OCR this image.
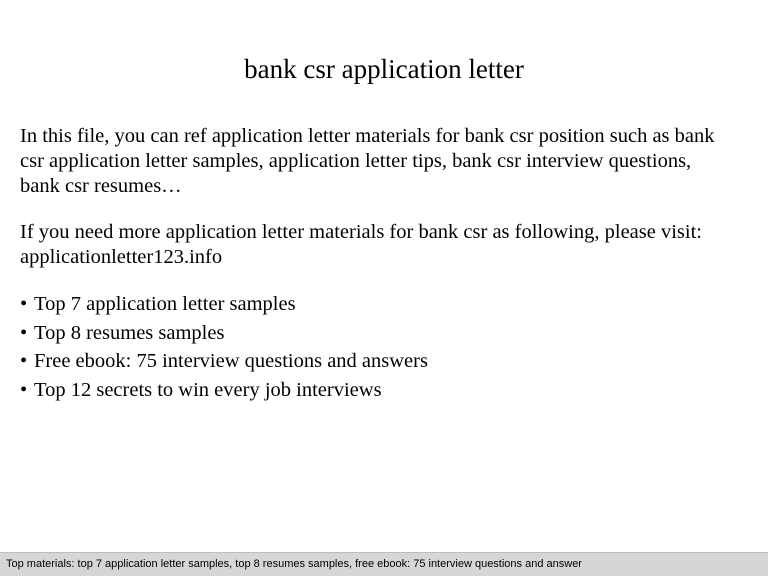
bank csr application letter
In this file, you can ref application letter materials for bank csr position such as bank
csr application letter samples, application letter tips, bank csr interview questions,
bank csr resumes…
If you need more application letter materials for bank csr as following, please visit:
applicationletter123.info
• Top 7 application letter samples
• Top 8 resumes samples
• Free ebook: 75 interview questions and answers
• Top 12 secrets to win every job interviews
Top materials: top 7 application letter samples, top 8 resumes samples, free ebook: 75 interview questions and answer
